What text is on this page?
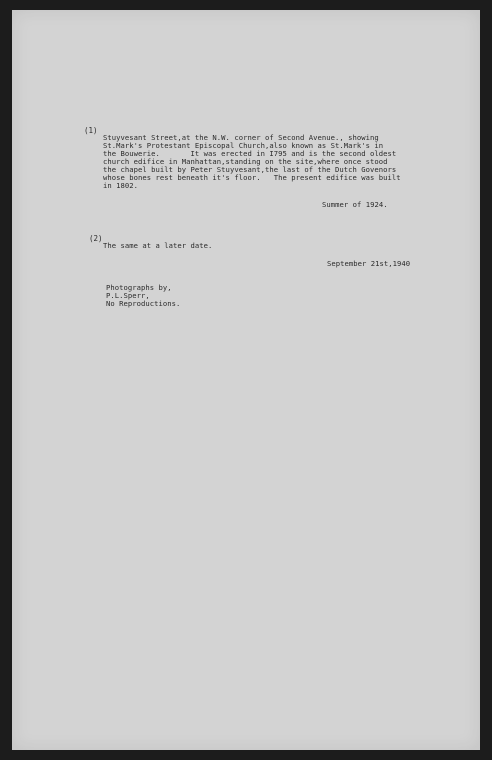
(1)
Stuyvesant Street,at the N.W. corner of Second Avenue., showing
St.Mark's Protestant Episcopal Church,also known as St.Mark's in
the Bouwerie.       It was erected in I795 and is the second oldest
church edifice in Manhattan,standing on the site,where once stood
the chapel built by Peter Stuyvesant,the last of the Dutch Govenors
whose bones rest beneath it's floor.   The present edifice was built
in 1802.
Summer of 1924.
(2)
The same at a later date.
September 21st,1940
Photographs by,
P.L.Sperr,
No Reproductions.
